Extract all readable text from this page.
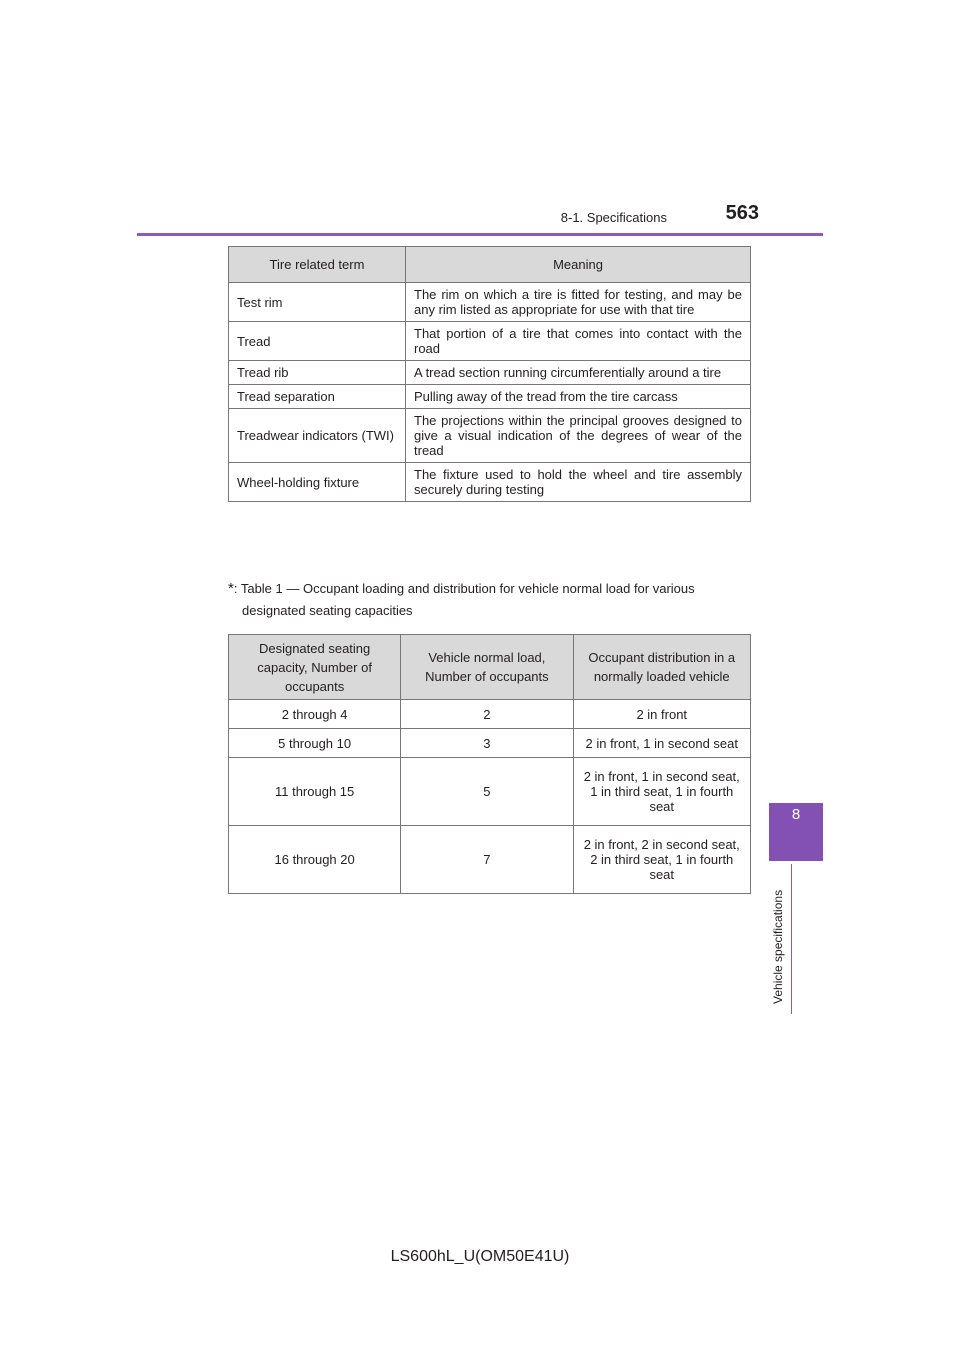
8-1. Specifications	563
8
Vehicle specifications
Tire related term	Meaning
Test rim	The rim on which a tire is fitted for testing, and may be any rim listed as appropriate for use with that tire
Tread	That portion of a tire that comes into contact with the road
Tread rib	A tread section running circumferentially around a tire
Tread separation	Pulling away of the tread from the tire carcass
Treadwear indicators (TWI)	The projections within the principal grooves designed to give a visual indication of the degrees of wear of the tread
Wheel-holding fixture	The fixture used to hold the wheel and tire assembly securely during testing
*: Table 1 — Occupant loading and distribution for vehicle normal load for various
designated seating capacities
Designated seating capacity, Number of occupants	Vehicle normal load, Number of occupants	Occupant distribution in a normally loaded vehicle
2 through 4	2	2 in front
5 through 10	3	2 in front, 1 in second seat
11 through 15	5	2 in front, 1 in second seat, 1 in third seat, 1 in fourth seat
16 through 20	7	2 in front, 2 in second seat, 2 in third seat, 1 in fourth seat
LS600hL_U(OM50E41U)
